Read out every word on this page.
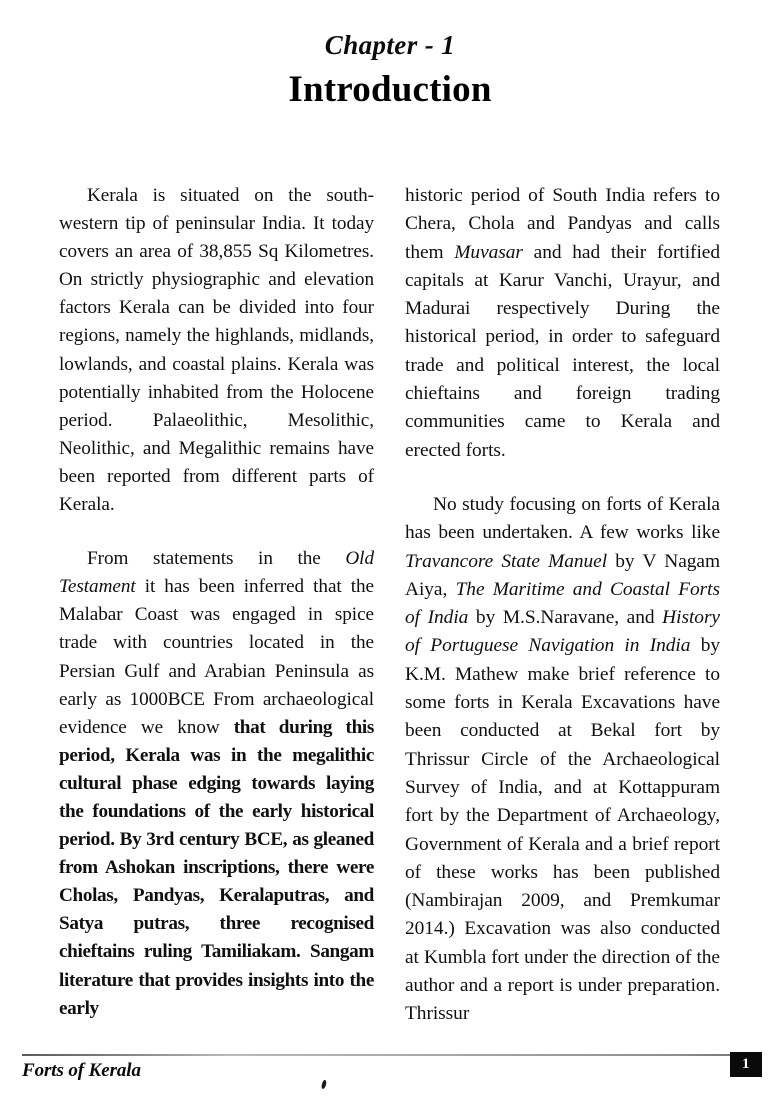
Chapter - 1
Introduction

Kerala is situated on the south-western tip of peninsular India. It today covers an area of 38,855 Sq Kilometres. On strictly physiographic and elevation factors Kerala can be divided into four regions, namely the highlands, midlands, lowlands, and coastal plains. Kerala was potentially inhabited from the Holocene period. Palaeolithic, Mesolithic, Neolithic, and Megalithic remains have been reported from different parts of Kerala.

From statements in the Old Testament it has been inferred that the Malabar Coast was engaged in spice trade with countries located in the Persian Gulf and Arabian Peninsula as early as 1000BCE From archaeological evidence we know that during this period, Kerala was in the megalithic cultural phase edging towards laying the foundations of the early historical period. By 3rd century BCE, as gleaned from Ashokan inscriptions, there were Cholas, Pandyas, Keralaputras, and Satya putras, three recognised chieftains ruling Tamiliakam. Sangam literature that provides insights into the early

historic period of South India refers to Chera, Chola and Pandyas and calls them Muvasar and had their fortified capitals at Karur Vanchi, Urayur, and Madurai respectively During the historical period, in order to safeguard trade and political interest, the local chieftains and foreign trading communities came to Kerala and erected forts.

No study focusing on forts of Kerala has been undertaken. A few works like Travancore State Manuel by V Nagam Aiya, The Maritime and Coastal Forts of India by M.S.Naravane, and History of Portuguese Navigation in India by K.M. Mathew make brief reference to some forts in Kerala Excavations have been conducted at Bekal fort by Thrissur Circle of the Archaeological Survey of India, and at Kottappuram fort by the Department of Archaeology, Government of Kerala and a brief report of these works has been published (Nambirajan 2009, and Premkumar 2014.) Excavation was also conducted at Kumbla fort under the direction of the author and a report is under preparation. Thrissur

Forts of Kerala	1
